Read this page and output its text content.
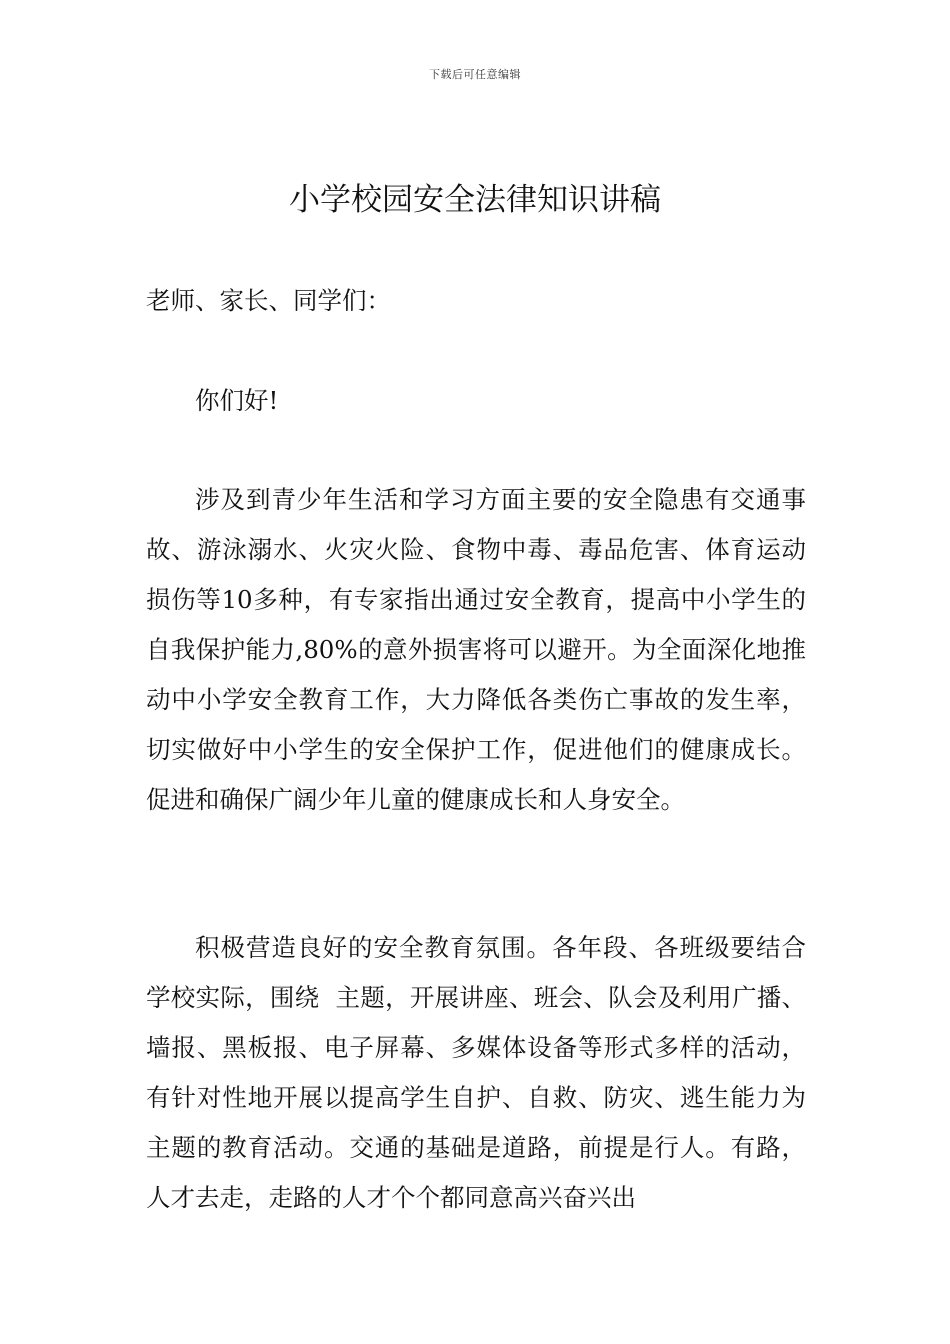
下载后可任意编辑
小学校园安全法律知识讲稿

老师、家长、同学们：

你们好!

涉及到青少年生活和学习方面主要的安全隐患有交通事故、游泳溺水、火灾火险、食物中毒、毒品危害、体育运动损伤等10多种，有专家指出通过安全教育，提高中小学生的自我保护能力,80%的意外损害将可以避开。为全面深化地推动中小学安全教育工作，大力降低各类伤亡事故的发生率，切实做好中小学生的安全保护工作，促进他们的健康成长。促进和确保广阔少年儿童的健康成长和人身安全。

积极营造良好的安全教育氛围。各年段、各班级要结合学校实际，围绕  主题，开展讲座、班会、队会及利用广播、墙报、黑板报、电子屏幕、多媒体设备等形式多样的活动，有针对性地开展以提高学生自护、自救、防灾、逃生能力为主题的教育活动。交通的基础是道路，前提是行人。有路，人才去走，走路的人才个个都同意高兴奋兴出
